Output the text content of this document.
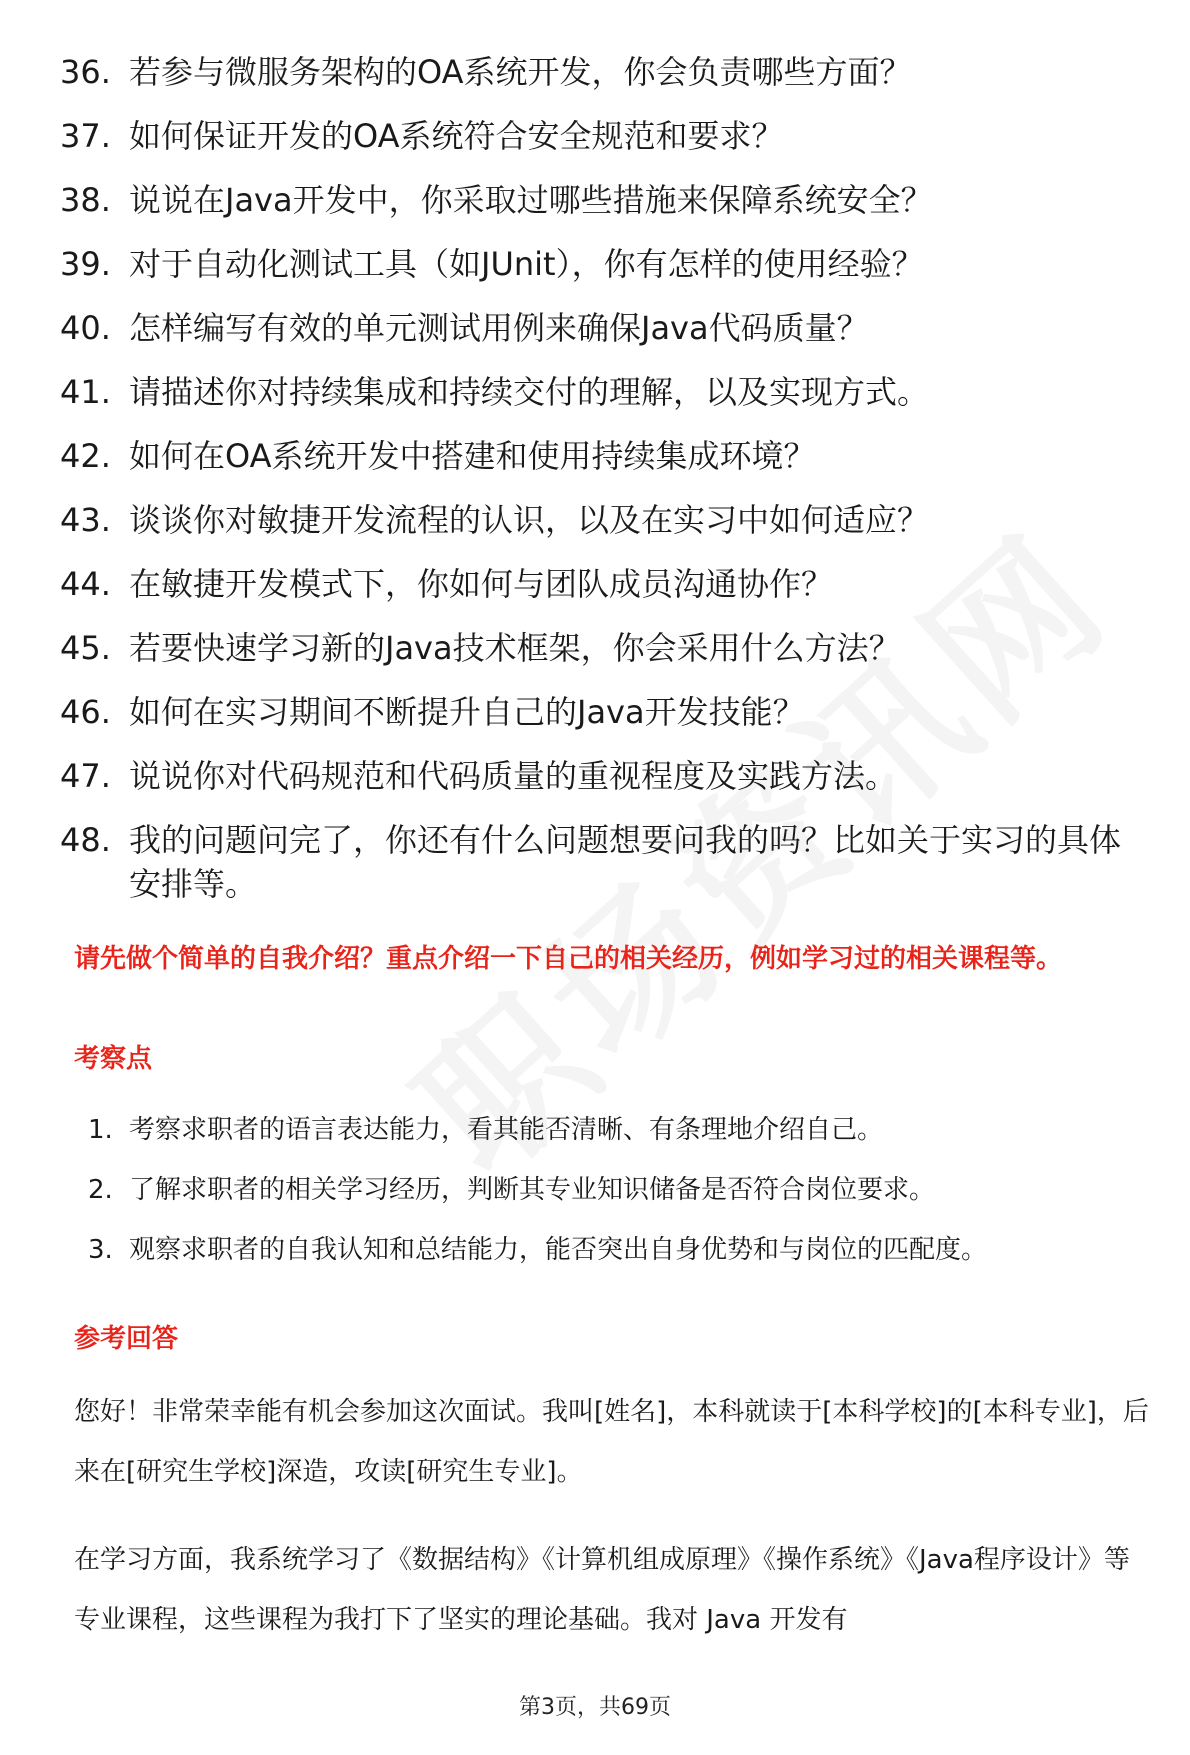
36. 若参与微服务架构的OA系统开发，你会负责哪些方面？
37. 如何保证开发的OA系统符合安全规范和要求？
38. 说说在Java开发中，你采取过哪些措施来保障系统安全？
39. 对于自动化测试工具（如JUnit），你有怎样的使用经验？
40. 怎样编写有效的单元测试用例来确保Java代码质量？
41. 请描述你对持续集成和持续交付的理解，以及实现方式。
42. 如何在OA系统开发中搭建和使用持续集成环境？
43. 谈谈你对敏捷开发流程的认识，以及在实习中如何适应？
44. 在敏捷开发模式下，你如何与团队成员沟通协作？
45. 若要快速学习新的Java技术框架，你会采用什么方法？
46. 如何在实习期间不断提升自己的Java开发技能？
47. 说说你对代码规范和代码质量的重视程度及实践方法。
48. 我的问题问完了，你还有什么问题想要问我的吗？比如关于实习的具体安排等。
请先做个简单的自我介绍？重点介绍一下自己的相关经历，例如学习过的相关课程等。
考察点
1. 考察求职者的语言表达能力，看其能否清晰、有条理地介绍自己。
2. 了解求职者的相关学习经历，判断其专业知识储备是否符合岗位要求。
3. 观察求职者的自我认知和总结能力，能否突出自身优势和与岗位的匹配度。
参考回答
您好！非常荣幸能有机会参加这次面试。我叫[姓名]，本科就读于[本科学校]的[本科专业]，后来在[研究生学校]深造，攻读[研究生专业]。
在学习方面，我系统学习了《数据结构》《计算机组成原理》《操作系统》《Java程序设计》等专业课程，这些课程为我打下了坚实的理论基础。我对 Java 开发有
第3页，共69页
